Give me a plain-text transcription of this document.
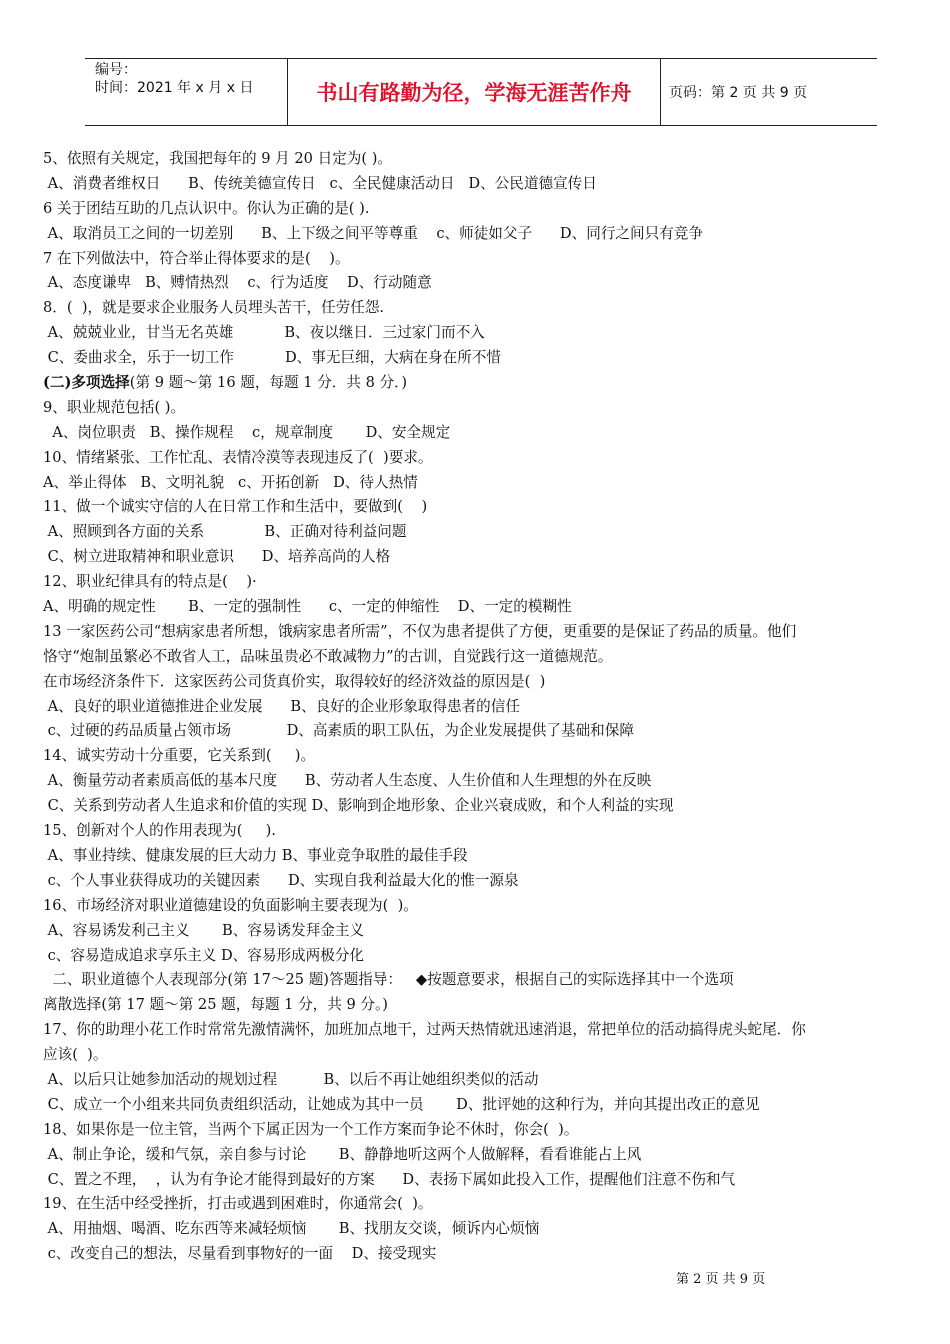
编号：
时间：2021 年 x 月 x 日	书山有路勤为径，学海无涯苦作舟	页码：第 2 页 共 9 页
5、依照有关规定，我国把每年的 9 月 20 日定为( )。
A、消费者维权日      B、传统美德宣传日   c、全民健康活动日   D、公民道德宣传日
6 关于团结互助的几点认识中。你认为正确的是( ).
A、取消员工之间的一切差别      B、上下级之间平等尊重    c、师徒如父子      D、同行之间只有竞争
7 在下列做法中，符合举止得体要求的是(    )。
A、态度谦卑   B、赙情热烈    c、行为适度    D、行动随意
8．(  )，就是要求企业服务人员埋头苦干，任劳任怨.
A、兢兢业业，甘当无名英雄           B、夜以继日．三过家门而不入
C、委曲求全，乐于一切工作           D、事无巨细，大病在身在所不惜
(二)多项选择(第 9 题～第 16 题，每题 1 分．共 8 分．)
9、职业规范包括( )。
A、岗位职责   B、操作规程    c，规章制度       D、安全规定
10、情绪紧张、工作忙乱、表情冷漠等表现违反了(  )要求。
A、举止得体   B、文明礼貌   c、开拓创新   D、待人热情
11、做一个诚实守信的人在日常工作和生活中，要做到(    )
A、照顾到各方面的关系             B、正确对待利益问题
C、树立进取精神和职业意识      D、培养高尚的人格
12、职业纪律具有的特点是(    )·
A、明确的规定性       B、一定的强制性      c、一定的伸缩性    D、一定的模糊性
13 一家医药公司“想病家患者所想，饿病家患者所需”，不仅为患者提供了方便，更重要的是保证了药品的质量。他们
恪守“炮制虽繁必不敢省人工，品味虽贵必不敢减物力”的古训，自觉践行这一道德规范。
在市场经济条件下．这家医药公司货真价实，取得较好的经济效益的原因是(  )
A、良好的职业道德推进企业发展      B、良好的企业形象取得患者的信任
c、过硬的药品质量占领市场            D、高素质的职工队伍，为企业发展提供了基础和保障
14、诚实劳动十分重要，它关系到(     )。
A、衡量劳动者素质高低的基本尺度      B、劳动者人生态度、人生价值和人生理想的外在反映
C、关系到劳动者人生追求和价值的实现 D、影响到企地形象、企业兴衰成败，和个人利益的实现
15、创新对个人的作用表现为(     ).
A、事业持续、健康发展的巨大动力 B、事业竞争取胜的最佳手段
c、个人事业获得成功的关键因素      D、实现自我利益最大化的惟一源泉
16、市场经济对职业道德建设的负面影响主要表现为(  )。
A、容易诱发利己主义       B、容易诱发拜金主义
c、容易造成追求享乐主义 D、容易形成两极分化
二、职业道德个人表现部分(第 17～25 题)答题指导：   ◆按题意要求，根据自己的实际选择其中一个选项
离散选择(第 17 题～第 25 题，每题 1 分，共 9 分。)
17、你的助理小花工作时常常先激情满怀，加班加点地干，过两天热情就迅速消退，常把单位的活动搞得虎头蛇尾．你
应该(  )。
A、以后只让她参加活动的规划过程          B、以后不再让她组织类似的活动
C、成立一个小组来共同负责组织活动，让她成为其中一员       D、批评她的这种行为，并向其提出改正的意见
18、如果你是一位主管，当两个下属正因为一个工作方案而争论不休时，你会(  )。
A、制止争论，缓和气氛，亲自参与讨论       B、静静地听这两个人做解释，看看谁能占上风
C、置之不理，  ，认为有争论才能得到最好的方案      D、表扬下属如此投入工作，提醒他们注意不伤和气
19、在生活中经受挫折，打击或遇到困难时，你通常会(  )。
A、用抽烟、喝酒、吃东西等来减轻烦恼       B、找朋友交谈，倾诉内心烦恼
c、改变自己的想法，尽量看到事物好的一面    D、接受现实
第 2 页 共 9 页
